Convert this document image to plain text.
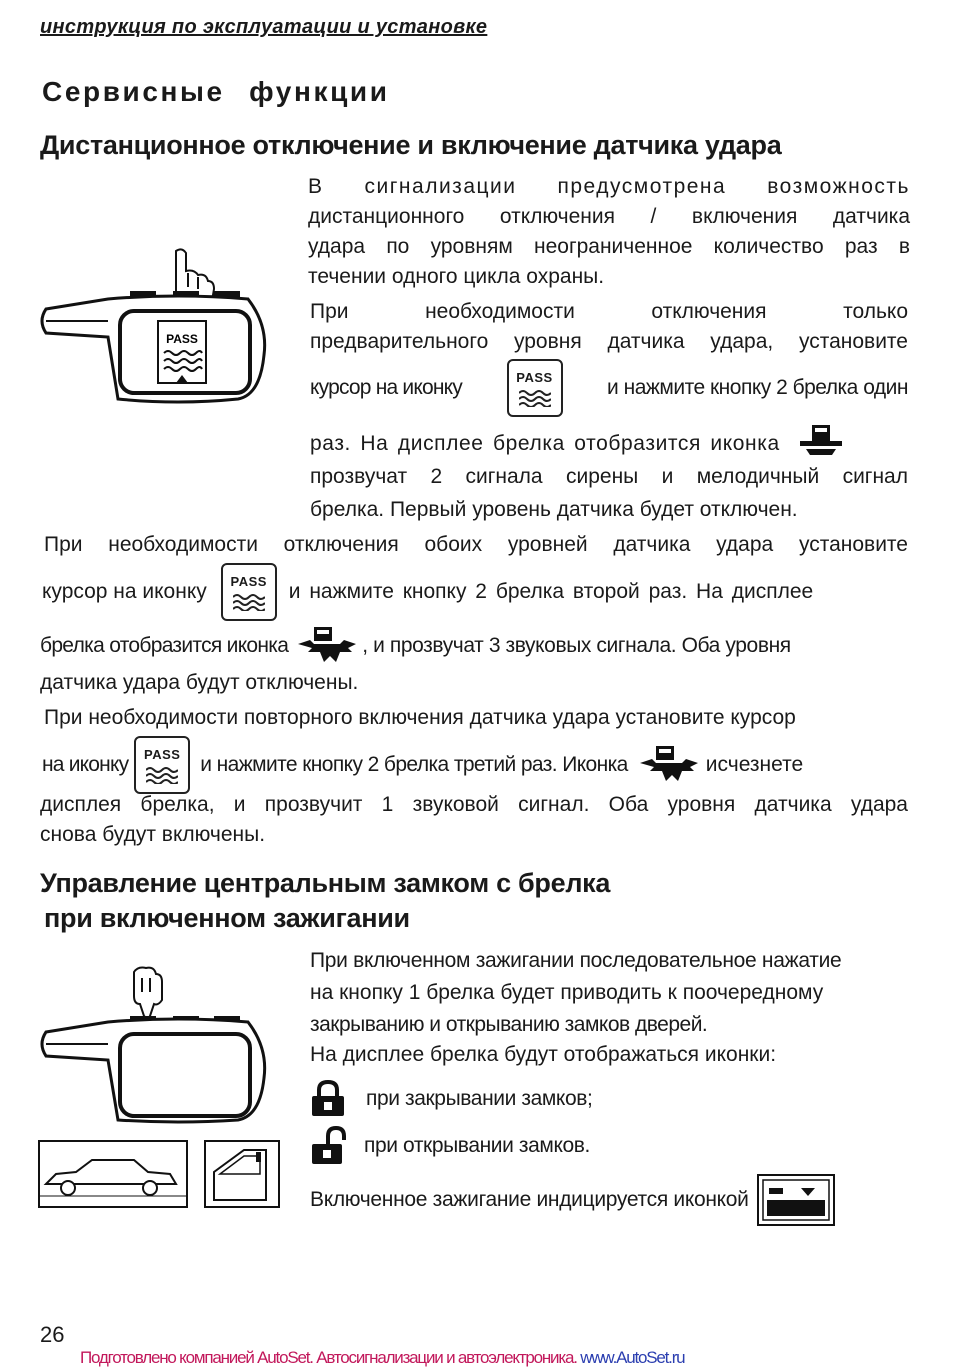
инструкция по эксплуатации и установке
Сервисные функции
Дистанционное отключение и включение датчика удара
PASS
В сигнализации предусмотрена возможность
дистанционного отключения / включения датчика
удара по уровням неограниченное количество раз в
течении одного цикла охраны.
При необходимости отключения только
предварительного уровня датчика удара, установите
курсор на иконку	PASS	и нажмите кнопку 2 брелка один
раз. На дисплее брелка отобразится иконка
прозвучат 2 сигнала сирены и мелодичный сигнал
брелка. Первый уровень датчика будет отключен.
При необходимости отключения обоих уровней датчика удара установите
курсор на иконку	PASS	и нажмите кнопку 2 брелка второй раз. На дисплее
брелка отобразится иконка	, и прозвучат 3 звуковых сигнала. Оба уровня
датчика удара будут отключены.
При необходимости повторного включения датчика удара установите курсор
на иконку	PASS и нажмите кнопку 2 брелка третий раз. Иконка	исчезнете
дисплея брелка, и прозвучит 1 звуковой сигнал. Оба уровня датчика удара
снова будут включены.
Управление центральным замком с брелка
при включенном зажигании
При включенном зажигании последовательное нажатие
на кнопку 1 брелка будет приводить к поочередному
закрыванию и открыванию замков дверей.
На дисплее брелка будут отображаться иконки:
при закрывании замков;
при открывании замков.
Включенное зажигание индицируется иконкой
26
Подготовлено компанией AutoSet. Автосигнализации и автоэлектроника. www.AutoSet.ru
